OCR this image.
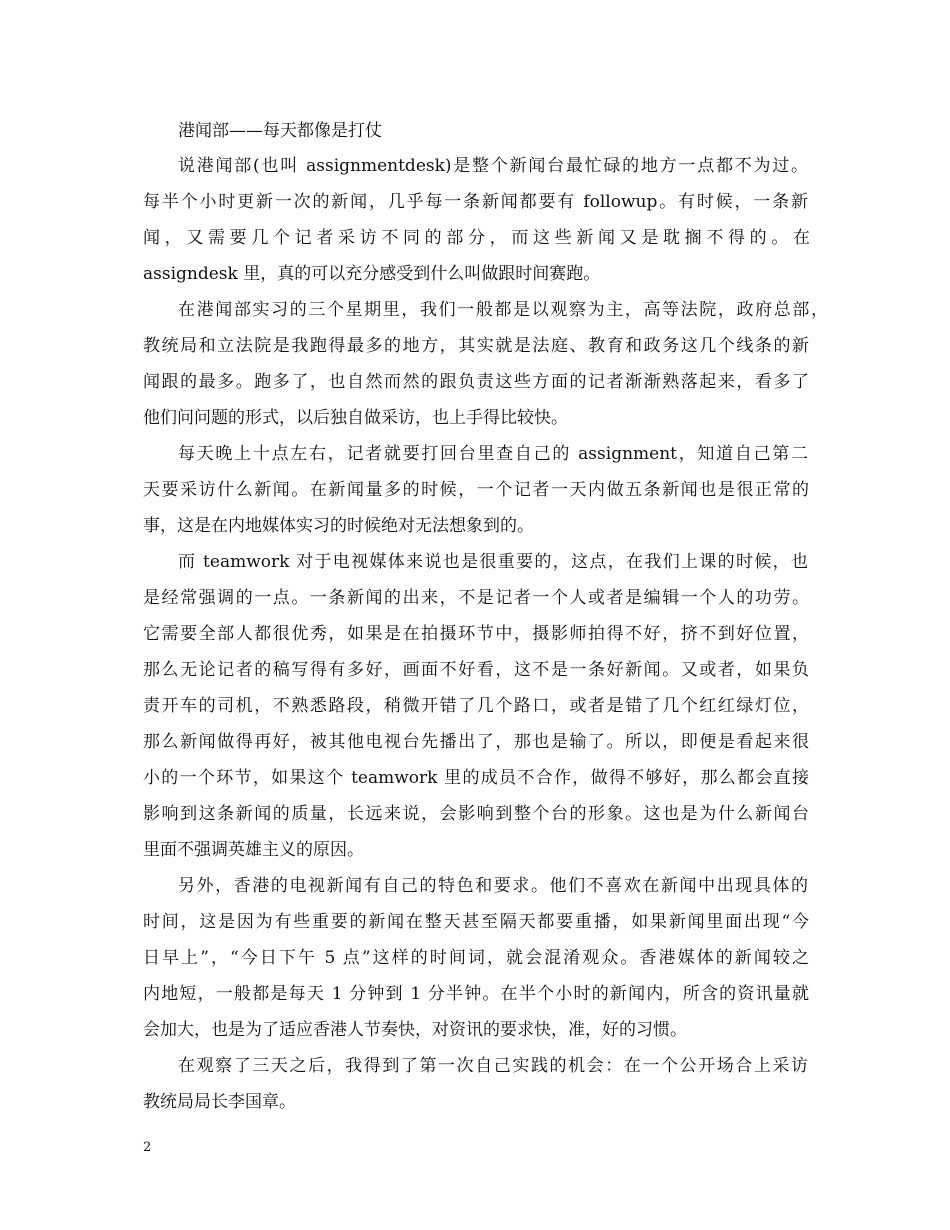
港闻部——每天都像是打仗
说港闻部(也叫 assignmentdesk)是整个新闻台最忙碌的地方一点都不为过。
每半个小时更新一次的新闻，几乎每一条新闻都要有 followup。有时候，一条新
闻，又需要几个记者采访不同的部分，而这些新闻又是耽搁不得的。在
assigndesk 里，真的可以充分感受到什么叫做跟时间赛跑。
在港闻部实习的三个星期里，我们一般都是以观察为主，高等法院，政府总部，
教统局和立法院是我跑得最多的地方，其实就是法庭、教育和政务这几个线条的新
闻跟的最多。跑多了，也自然而然的跟负责这些方面的记者渐渐熟落起来，看多了
他们问问题的形式，以后独自做采访，也上手得比较快。
每天晚上十点左右，记者就要打回台里查自己的 assignment，知道自己第二
天要采访什么新闻。在新闻量多的时候，一个记者一天内做五条新闻也是很正常的
事，这是在内地媒体实习的时候绝对无法想象到的。
而 teamwork 对于电视媒体来说也是很重要的，这点，在我们上课的时候，也
是经常强调的一点。一条新闻的出来，不是记者一个人或者是编辑一个人的功劳。
它需要全部人都很优秀，如果是在拍摄环节中，摄影师拍得不好，挤不到好位置，
那么无论记者的稿写得有多好，画面不好看，这不是一条好新闻。又或者，如果负
责开车的司机，不熟悉路段，稍微开错了几个路口，或者是错了几个红红绿灯位，
那么新闻做得再好，被其他电视台先播出了，那也是输了。所以，即便是看起来很
小的一个环节，如果这个 teamwork 里的成员不合作，做得不够好，那么都会直接
影响到这条新闻的质量，长远来说，会影响到整个台的形象。这也是为什么新闻台
里面不强调英雄主义的原因。
另外，香港的电视新闻有自己的特色和要求。他们不喜欢在新闻中出现具体的
时间，这是因为有些重要的新闻在整天甚至隔天都要重播，如果新闻里面出现“今
日早上”，“今日下午 5 点”这样的时间词，就会混淆观众。香港媒体的新闻较之
内地短，一般都是每天 1 分钟到 1 分半钟。在半个小时的新闻内，所含的资讯量就
会加大，也是为了适应香港人节奏快，对资讯的要求快，准，好的习惯。
在观察了三天之后，我得到了第一次自己实践的机会：在一个公开场合上采访
教统局局长李国章。
2
